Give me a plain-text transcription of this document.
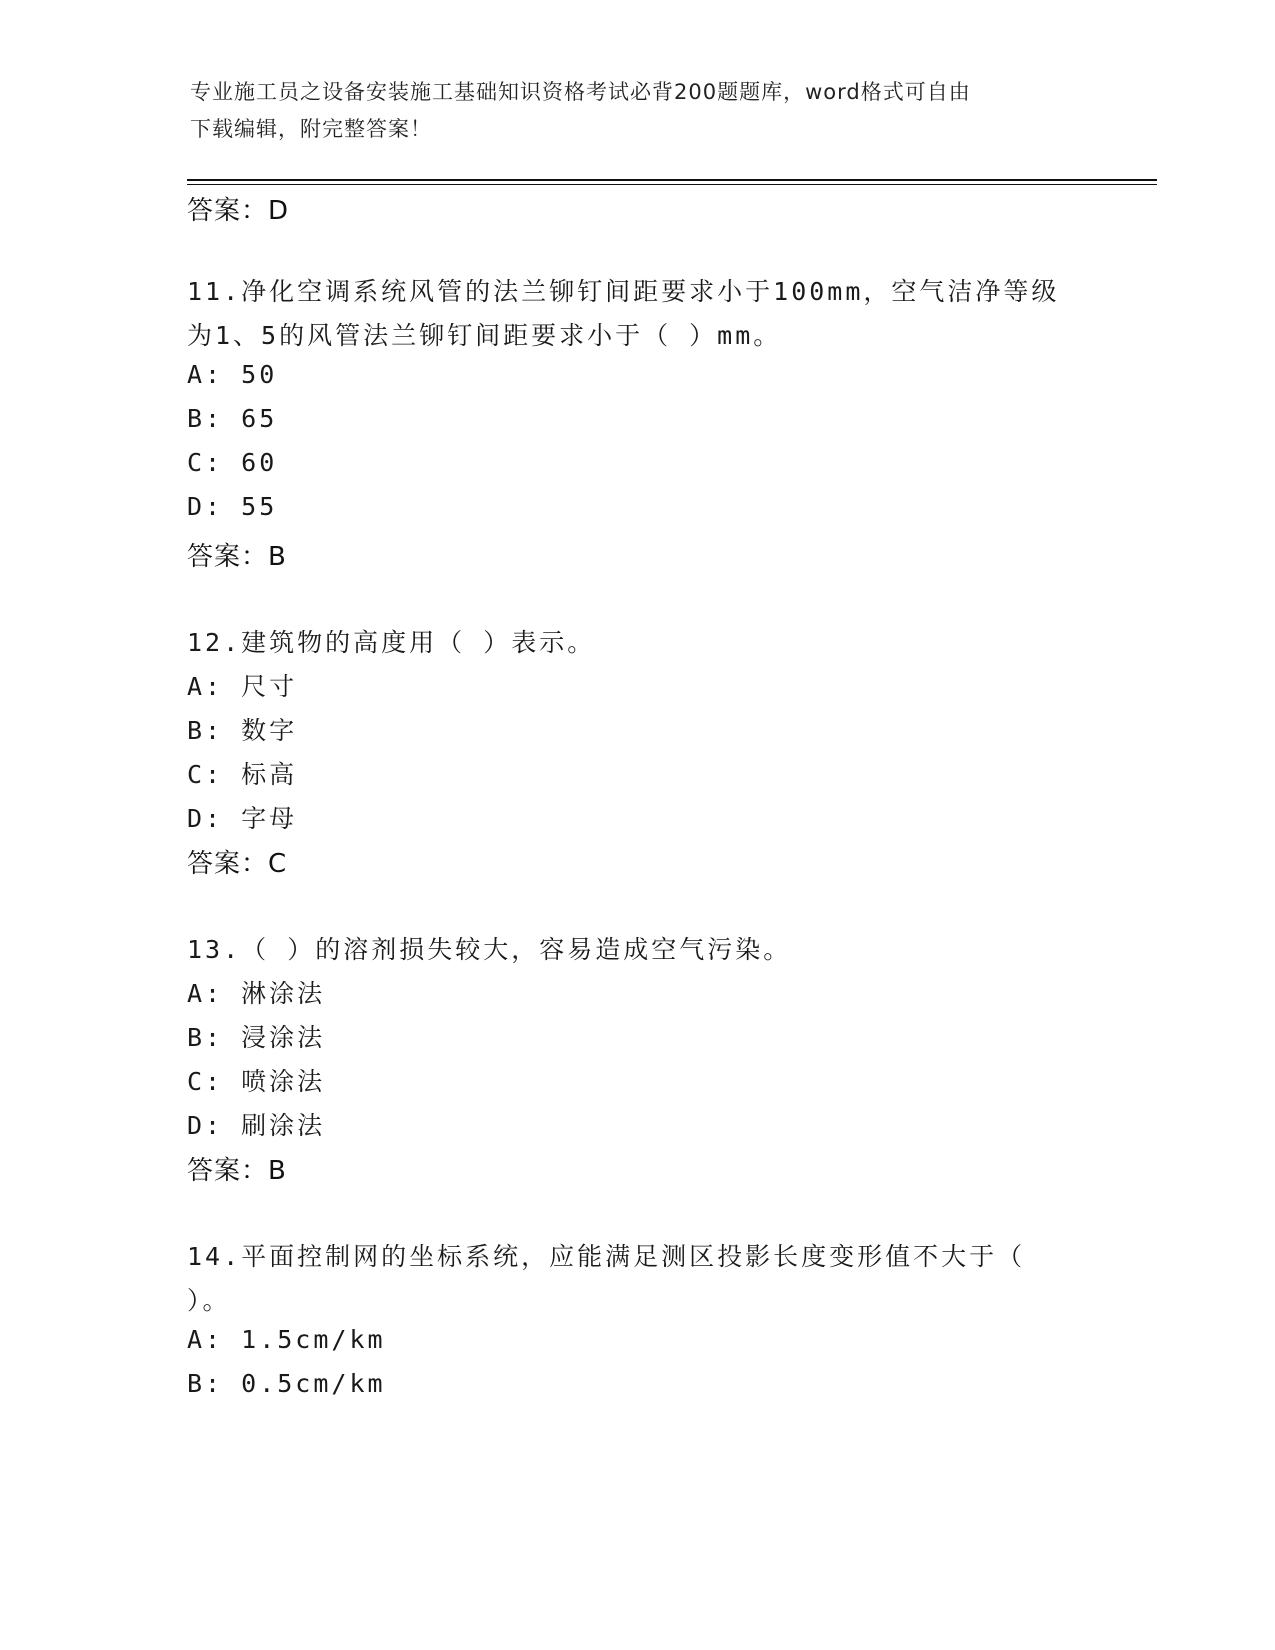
专业施工员之设备安装施工基础知识资格考试必背200题题库，word格式可自由
下载编辑，附完整答案！
答案：D
11.净化空调系统风管的法兰铆钉间距要求小于100mm，空气洁净等级
为1、5的风管法兰铆钉间距要求小于（ ）mm。
A: 50
B: 65
C: 60
D: 55
答案：B
12.建筑物的高度用（ ）表示。
A: 尺寸
B: 数字
C: 标高
D: 字母
答案：C
13.（ ）的溶剂损失较大，容易造成空气污染。
A: 淋涂法
B: 浸涂法
C: 喷涂法
D: 刷涂法
答案：B
14.平面控制网的坐标系统，应能满足测区投影长度变形值不大于（
）。
A: 1.5cm/km
B: 0.5cm/km
